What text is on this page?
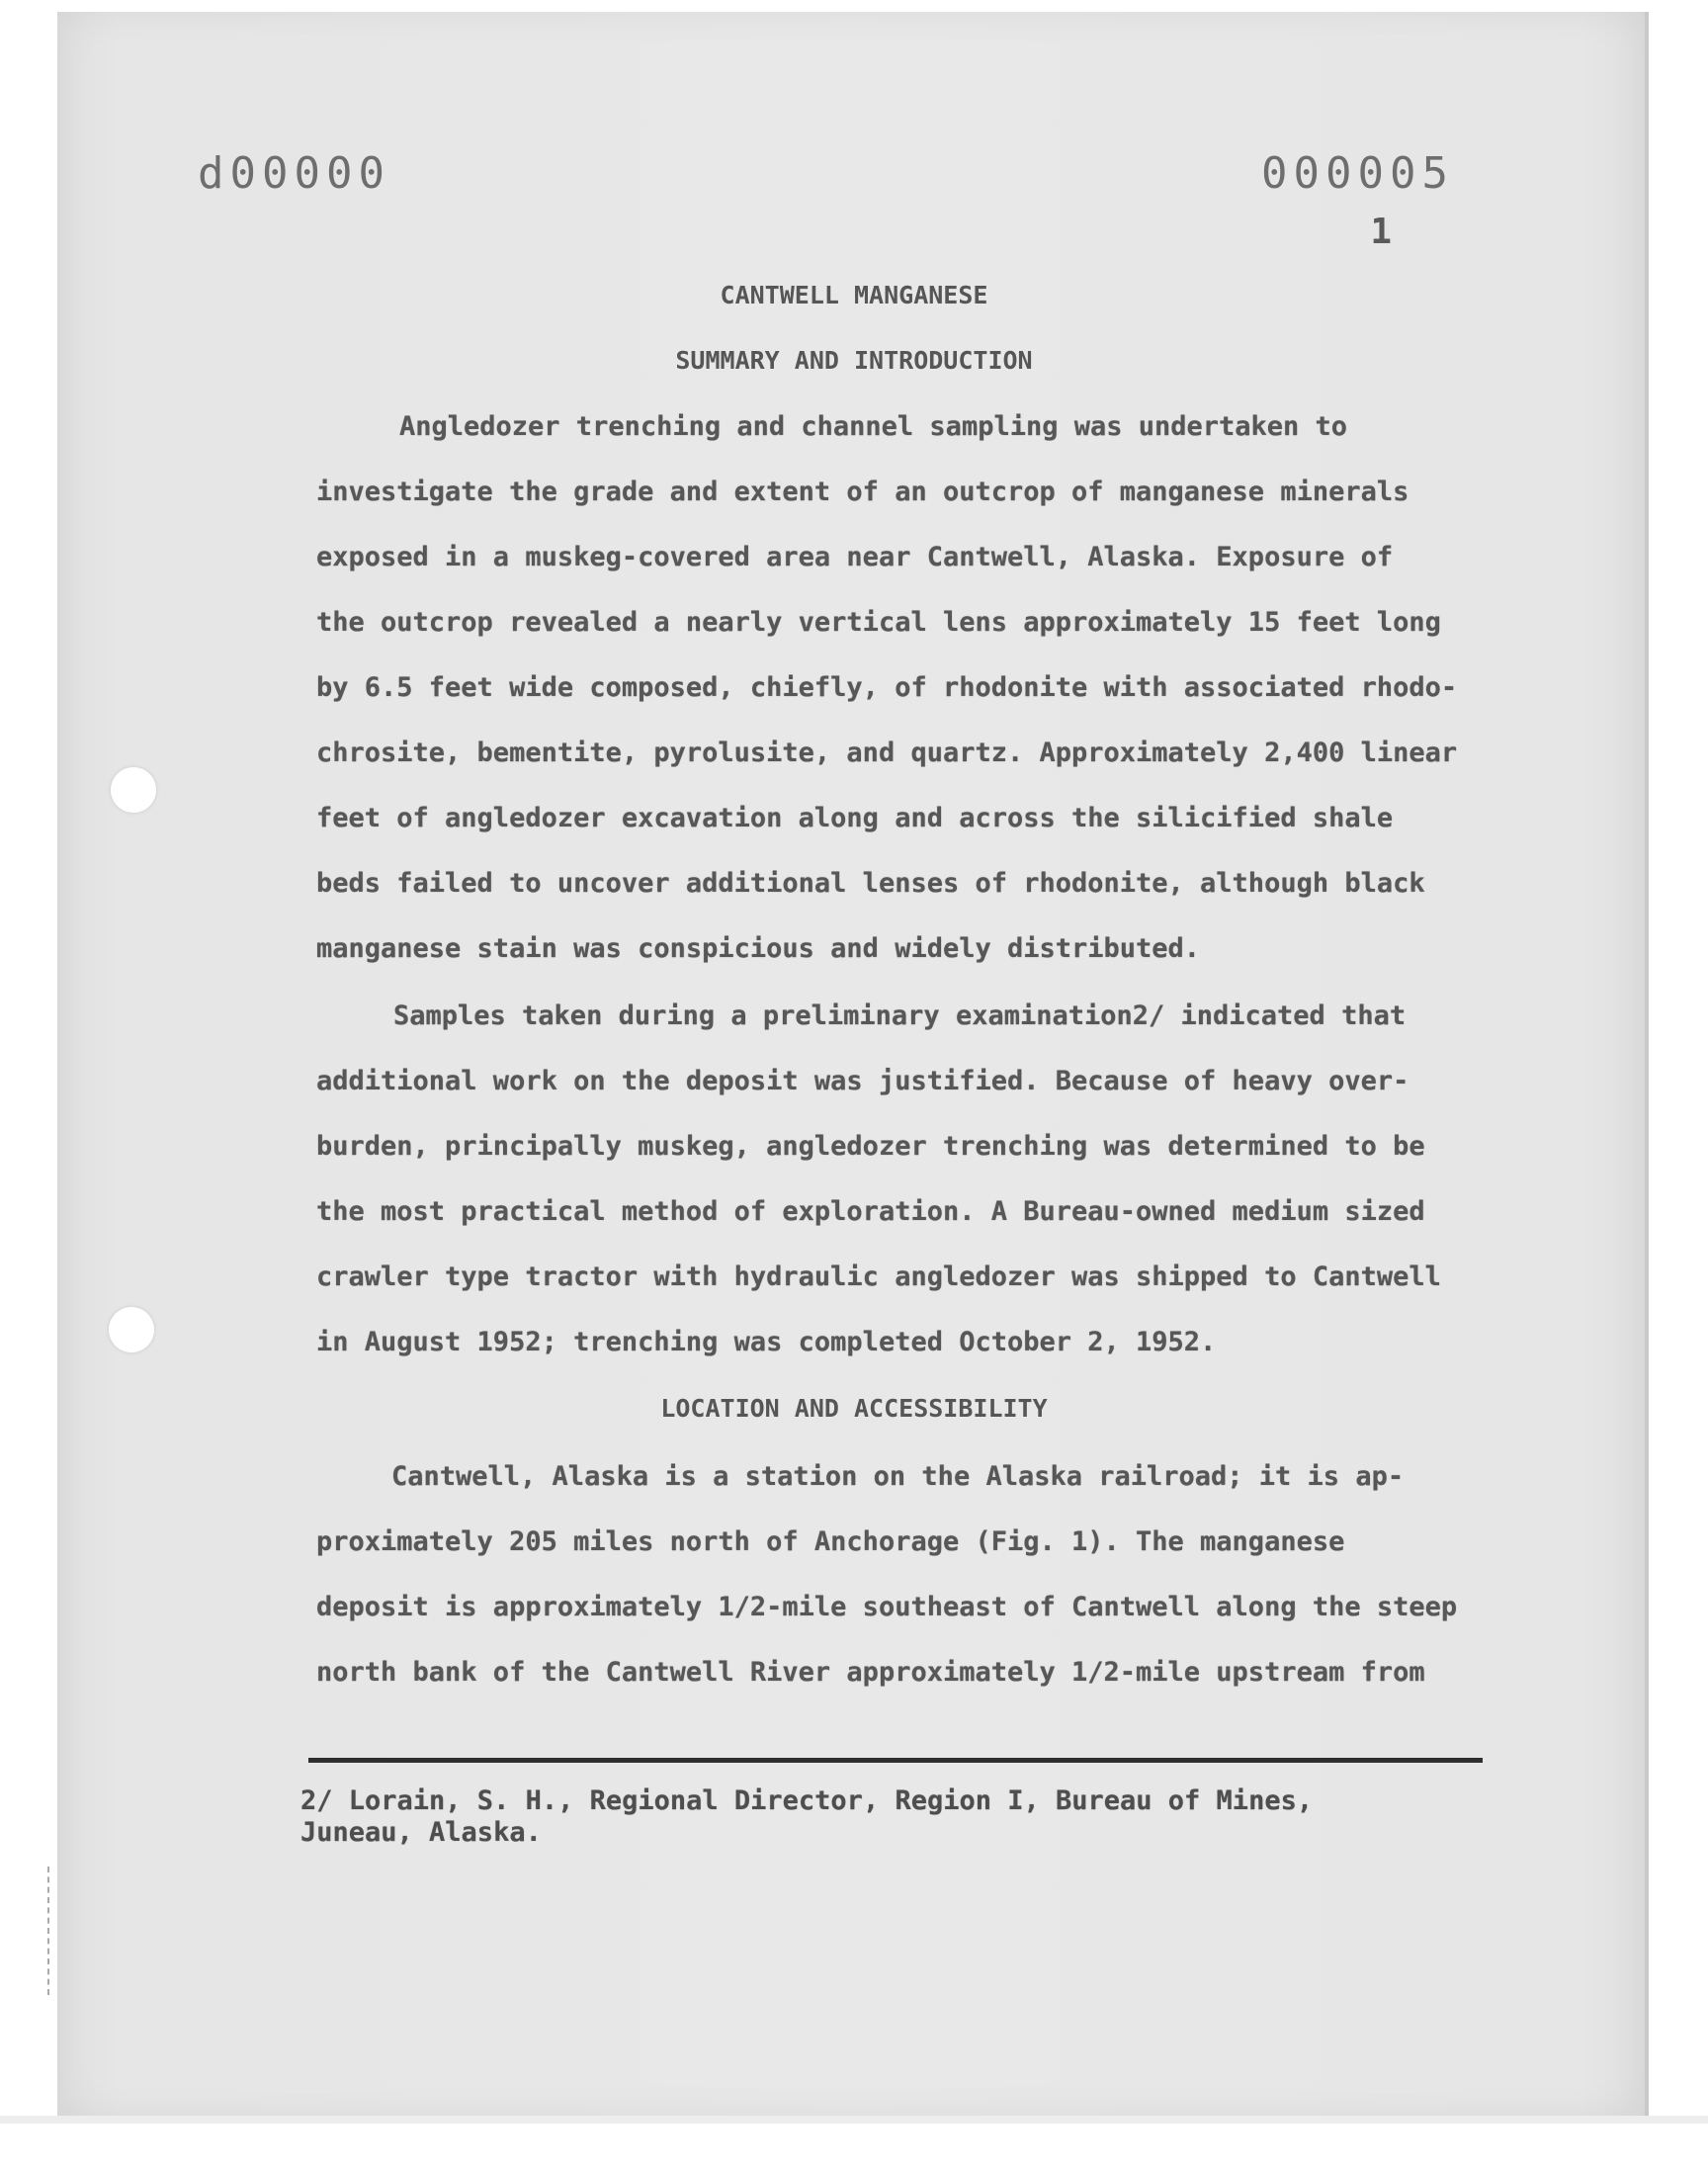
d00000	000005
1
CANTWELL MANGANESE
SUMMARY AND INTRODUCTION
Angledozer trenching and channel sampling was undertaken to
investigate the grade and extent of an outcrop of manganese minerals
exposed in a muskeg-covered area near Cantwell, Alaska. Exposure of
the outcrop revealed a nearly vertical lens approximately 15 feet long
by 6.5 feet wide composed, chiefly, of rhodonite with associated rhodo-
chrosite, bementite, pyrolusite, and quartz. Approximately 2,400 linear
feet of angledozer excavation along and across the silicified shale
beds failed to uncover additional lenses of rhodonite, although black
manganese stain was conspicious and widely distributed.
Samples taken during a preliminary examination2/ indicated that
additional work on the deposit was justified. Because of heavy over-
burden, principally muskeg, angledozer trenching was determined to be
the most practical method of exploration. A Bureau-owned medium sized
crawler type tractor with hydraulic angledozer was shipped to Cantwell
in August 1952; trenching was completed October 2, 1952.
LOCATION AND ACCESSIBILITY
Cantwell, Alaska is a station on the Alaska railroad; it is ap-
proximately 205 miles north of Anchorage (Fig. 1). The manganese
deposit is approximately 1/2-mile southeast of Cantwell along the steep
north bank of the Cantwell River approximately 1/2-mile upstream from
2/ Lorain, S. H., Regional Director, Region I, Bureau of Mines,
Juneau, Alaska.
